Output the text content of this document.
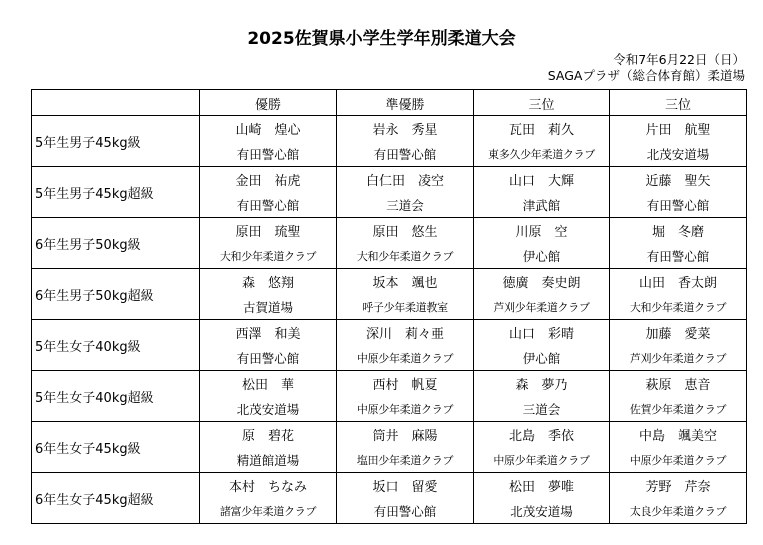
2025佐賀県小学生学年別柔道大会
令和7年6月22日（日）
SAGAプラザ（総合体育館）柔道場
	優勝	準優勝	三位	三位
5年生男子45kg級	山崎　煌心	岩永　秀星	瓦田　莉久	片田　航聖
	有田警心館	有田警心館	東多久少年柔道クラブ	北茂安道場
5年生男子45kg超級	金田　祐虎	白仁田　凌空	山口　大輝	近藤　聖矢
	有田警心館	三道会	津武館	有田警心館
6年生男子50kg級	原田　琉聖	原田　悠生	川原　空	堀　冬磨
	大和少年柔道クラブ	大和少年柔道クラブ	伊心館	有田警心館
6年生男子50kg超級	森　悠翔	坂本　颯也	徳廣　奏史朗	山田　香太朗
	古賀道場	呼子少年柔道教室	芦刈少年柔道クラブ	大和少年柔道クラブ
5年生女子40kg級	西澤　和美	深川　莉々亜	山口　彩晴	加藤　愛菜
	有田警心館	中原少年柔道クラブ	伊心館	芦刈少年柔道クラブ
5年生女子40kg超級	松田　華	西村　帆夏	森　夢乃	萩原　恵音
	北茂安道場	中原少年柔道クラブ	三道会	佐賀少年柔道クラブ
6年生女子45kg級	原　碧花	筒井　麻陽	北島　季依	中島　颯美空
	精道館道場	塩田少年柔道クラブ	中原少年柔道クラブ	中原少年柔道クラブ
6年生女子45kg超級	本村　ちなみ	坂口　留愛	松田　夢唯	芳野　芹奈
	諸富少年柔道クラブ	有田警心館	北茂安道場	太良少年柔道クラブ
